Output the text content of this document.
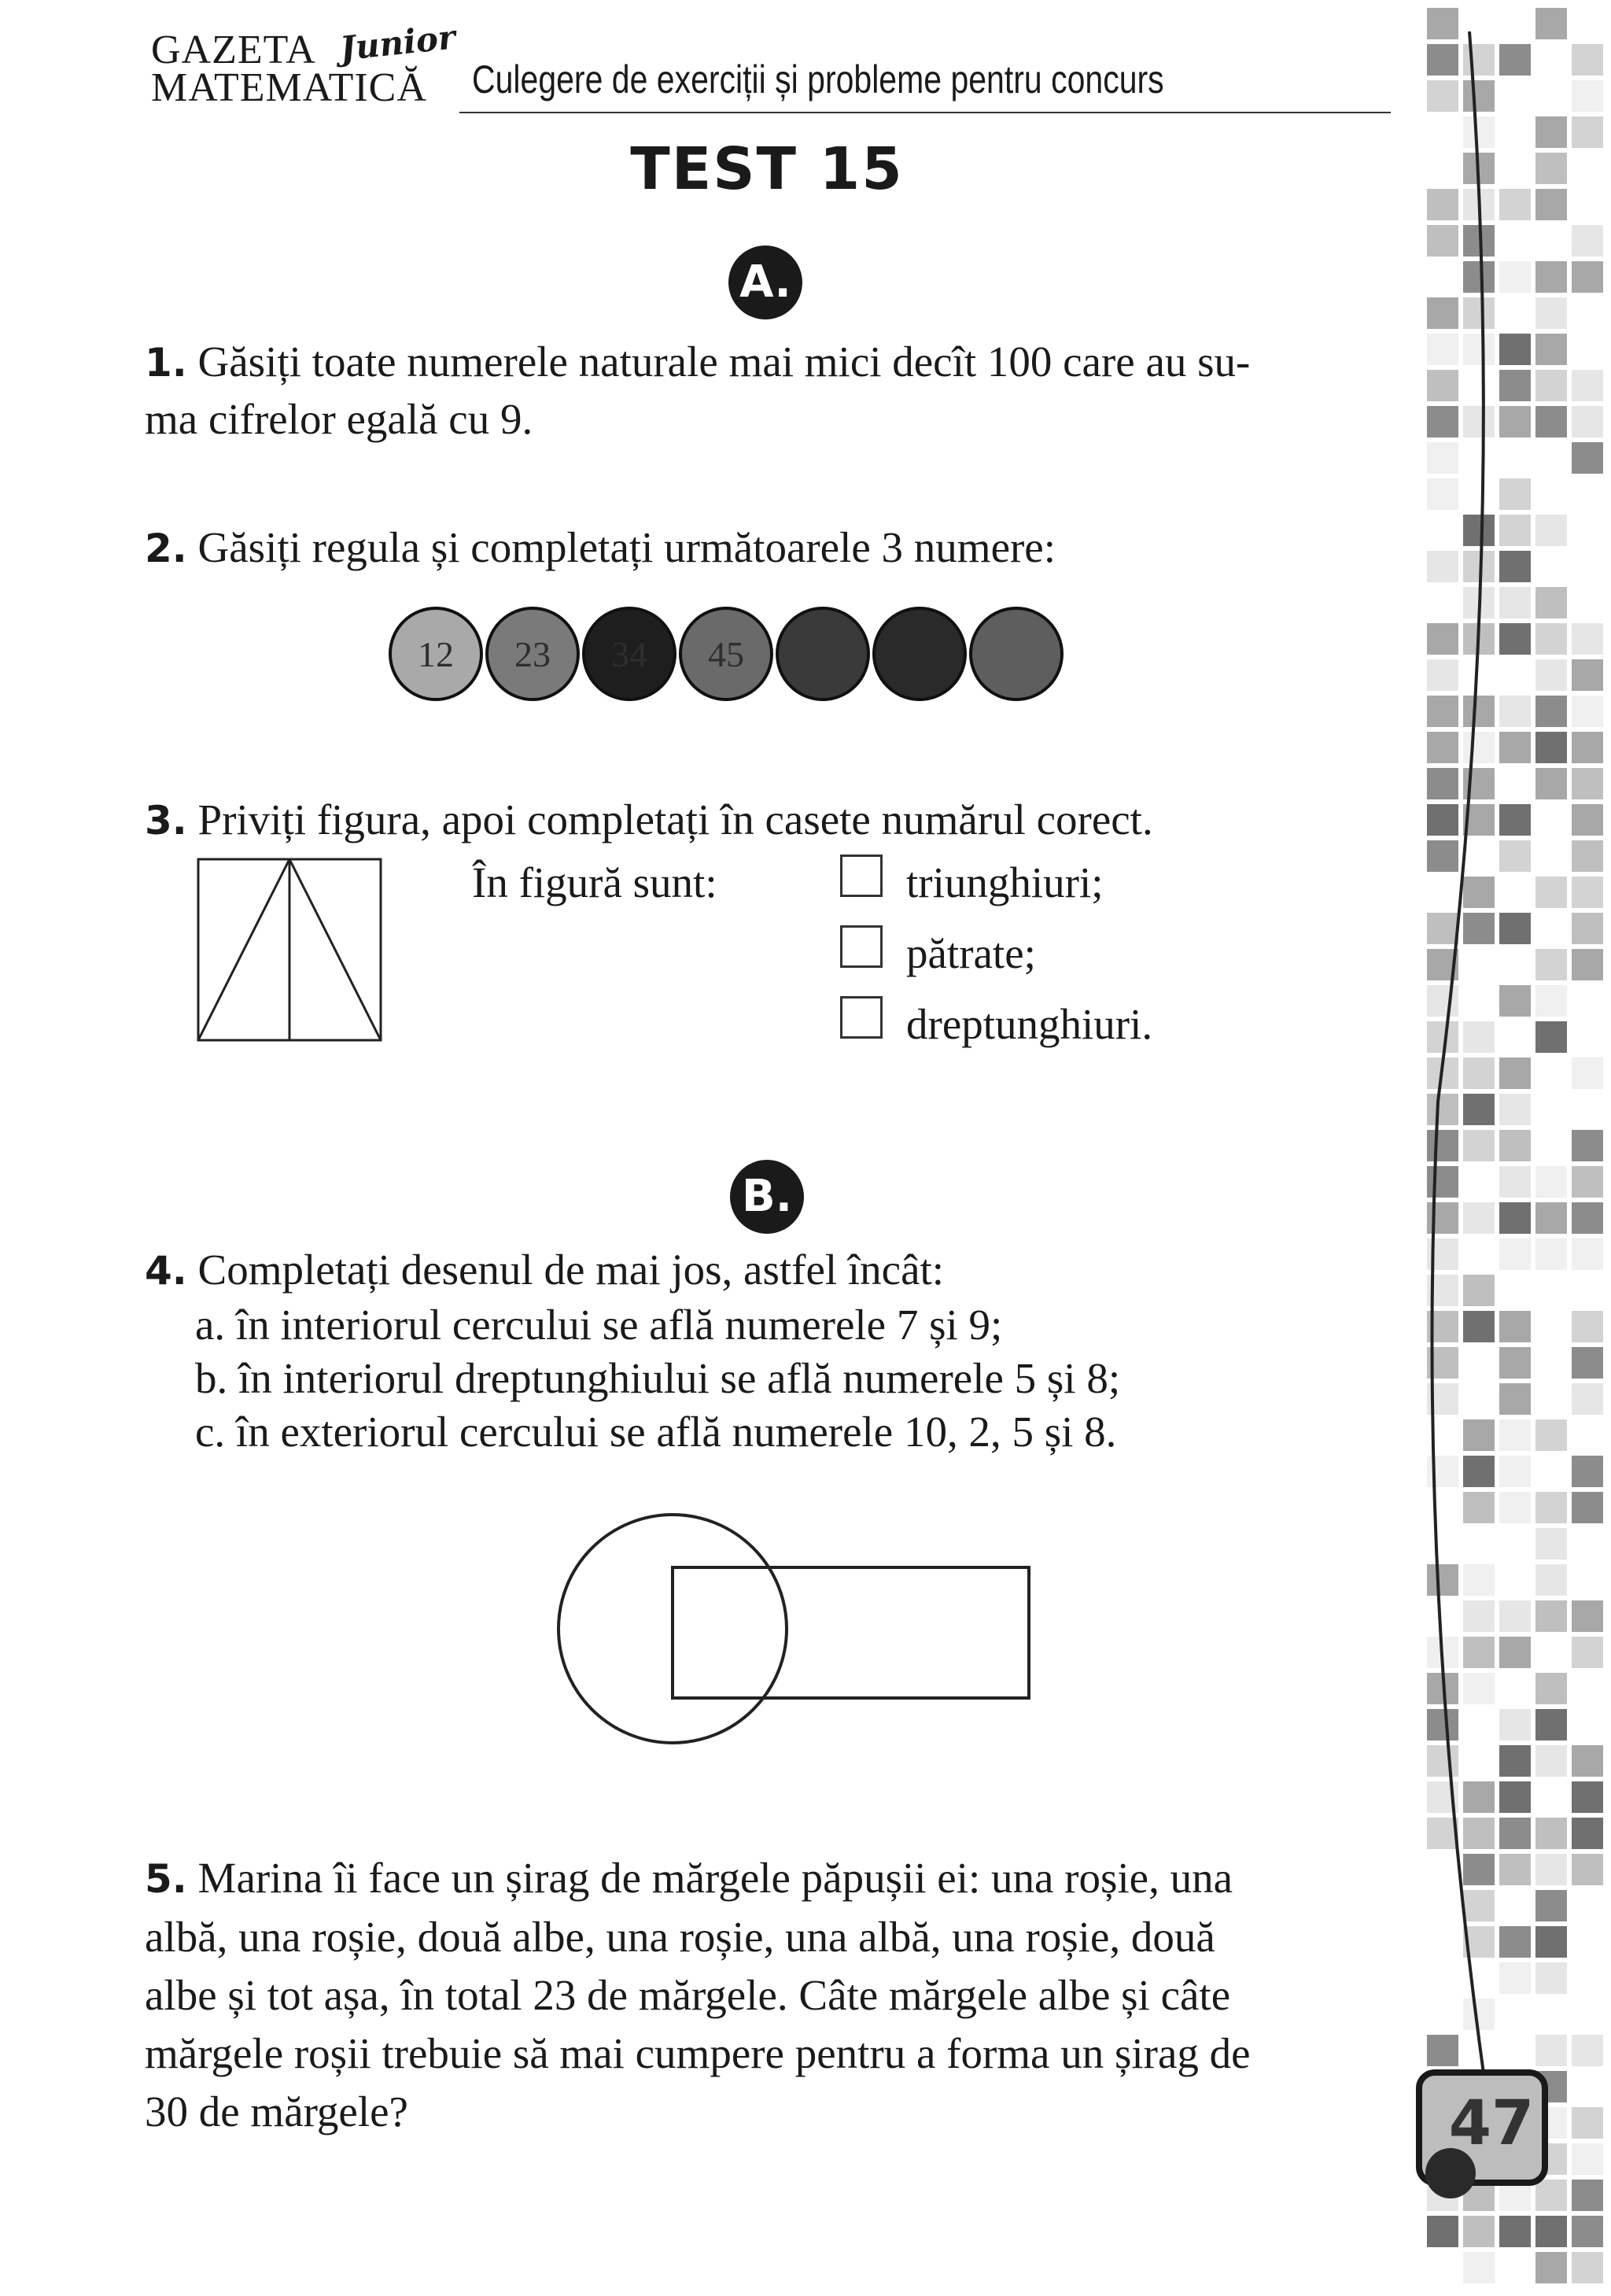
GAZETA
MATEMATICĂ
Junior
Culegere de exerciții și probleme pentru concurs
TEST 15
A.
1. Găsiți toate numerele naturale mai mici decît 100 care au su-
ma cifrelor egală cu 9.
2. Găsiți regula și completați următoarele 3 numere:
12 23 34 45
3. Priviți figura, apoi completați în casete numărul corect.
În figură sunt:	triunghiuri;
pătrate;
dreptunghiuri.
B.
4. Completați desenul de mai jos, astfel încât:
a. în interiorul cercului se află numerele 7 și 9;
b. în interiorul dreptunghiului se află numerele 5 și 8;
c. în exteriorul cercului se află numerele 10, 2, 5 și 8.
5. Marina îi face un șirag de mărgele păpușii ei: una roșie, una
albă, una roșie, două albe, una roșie, una albă, una roșie, două
albe și tot așa, în total 23 de mărgele. Câte mărgele albe și câte
mărgele roșii trebuie să mai cumpere pentru a forma un șirag de
30 de mărgele?	47
